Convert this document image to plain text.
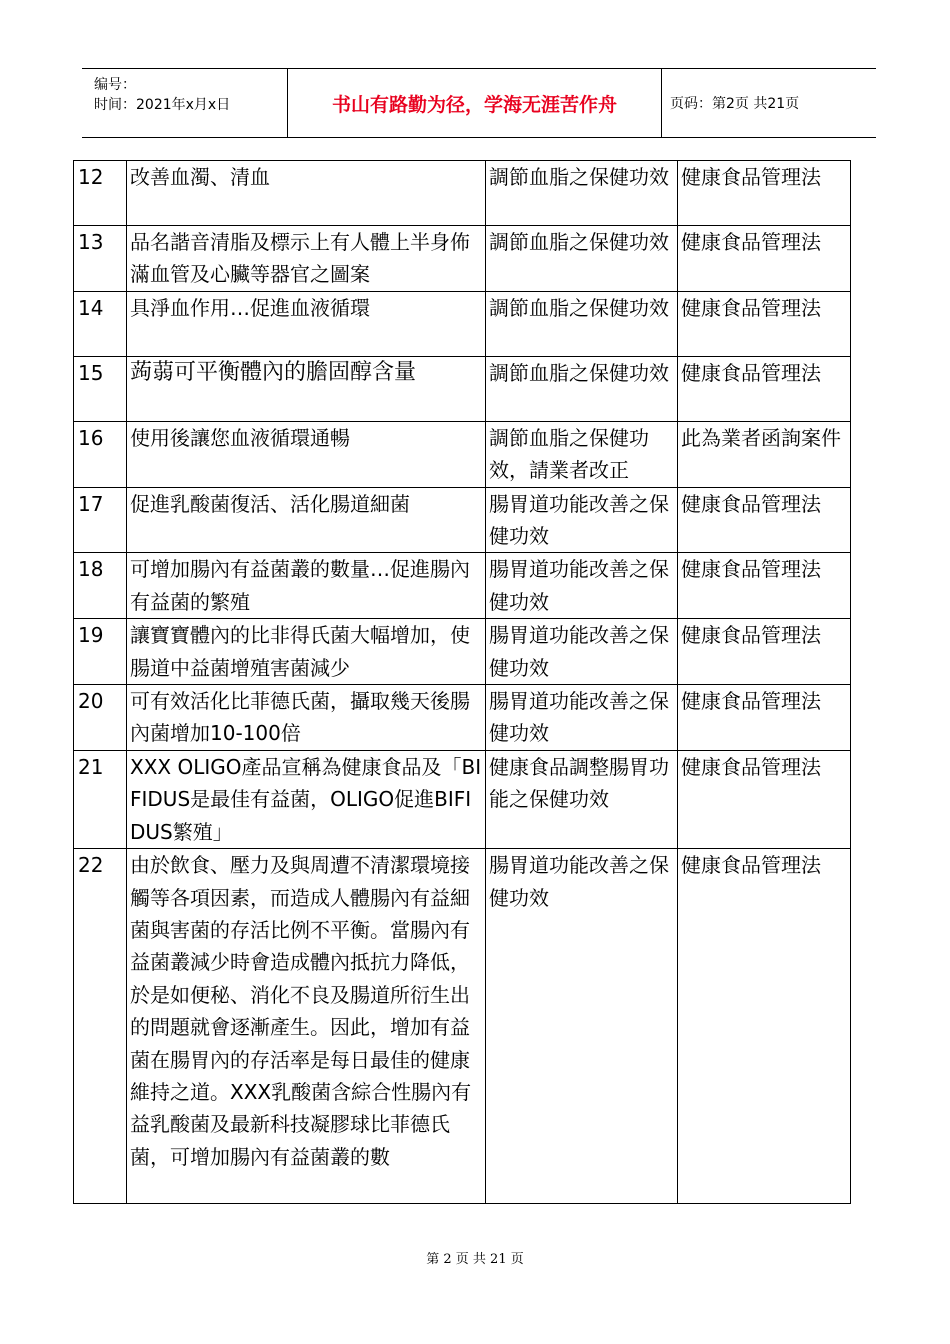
编号：
时间：2021年x月x日	书山有路勤为径，学海无涯苦作舟	页码：第2页 共21页
12	改善血濁、清血	調節血脂之保健功效	健康食品管理法
13	品名諧音清脂及標示上有人體上半身佈滿血管及心臟等器官之圖案	調節血脂之保健功效	健康食品管理法
14	具淨血作用…促進血液循環	調節血脂之保健功效	健康食品管理法
15	蒟蒻可平衡體內的膽固醇含量	調節血脂之保健功效	健康食品管理法
16	使用後讓您血液循環通暢	調節血脂之保健功效，請業者改正	此為業者函詢案件
17	促進乳酸菌復活、活化腸道細菌	腸胃道功能改善之保健功效	健康食品管理法
18	可增加腸內有益菌叢的數量…促進腸內有益菌的繁殖	腸胃道功能改善之保健功效	健康食品管理法
19	讓寶寶體內的比非得氏菌大幅增加，使腸道中益菌增殖害菌減少	腸胃道功能改善之保健功效	健康食品管理法
20	可有效活化比菲德氏菌，攝取幾天後腸內菌增加10-100倍	腸胃道功能改善之保健功效	健康食品管理法
21	XXX OLIGO產品宣稱為健康食品及「BIFIDUS是最佳有益菌，OLIGO促進BIFIDUS繁殖」	健康食品調整腸胃功能之保健功效	健康食品管理法
22	由於飲食、壓力及與周遭不清潔環境接觸等各項因素，而造成人體腸內有益細菌與害菌的存活比例不平衡。當腸內有益菌叢減少時會造成體內抵抗力降低，於是如便秘、消化不良及腸道所衍生出的問題就會逐漸產生。因此，增加有益菌在腸胃內的存活率是每日最佳的健康維持之道。XXX乳酸菌含綜合性腸內有益乳酸菌及最新科技凝膠球比菲德氏菌，可增加腸內有益菌叢的數	腸胃道功能改善之保健功效	健康食品管理法
第 2 页 共 21 页
